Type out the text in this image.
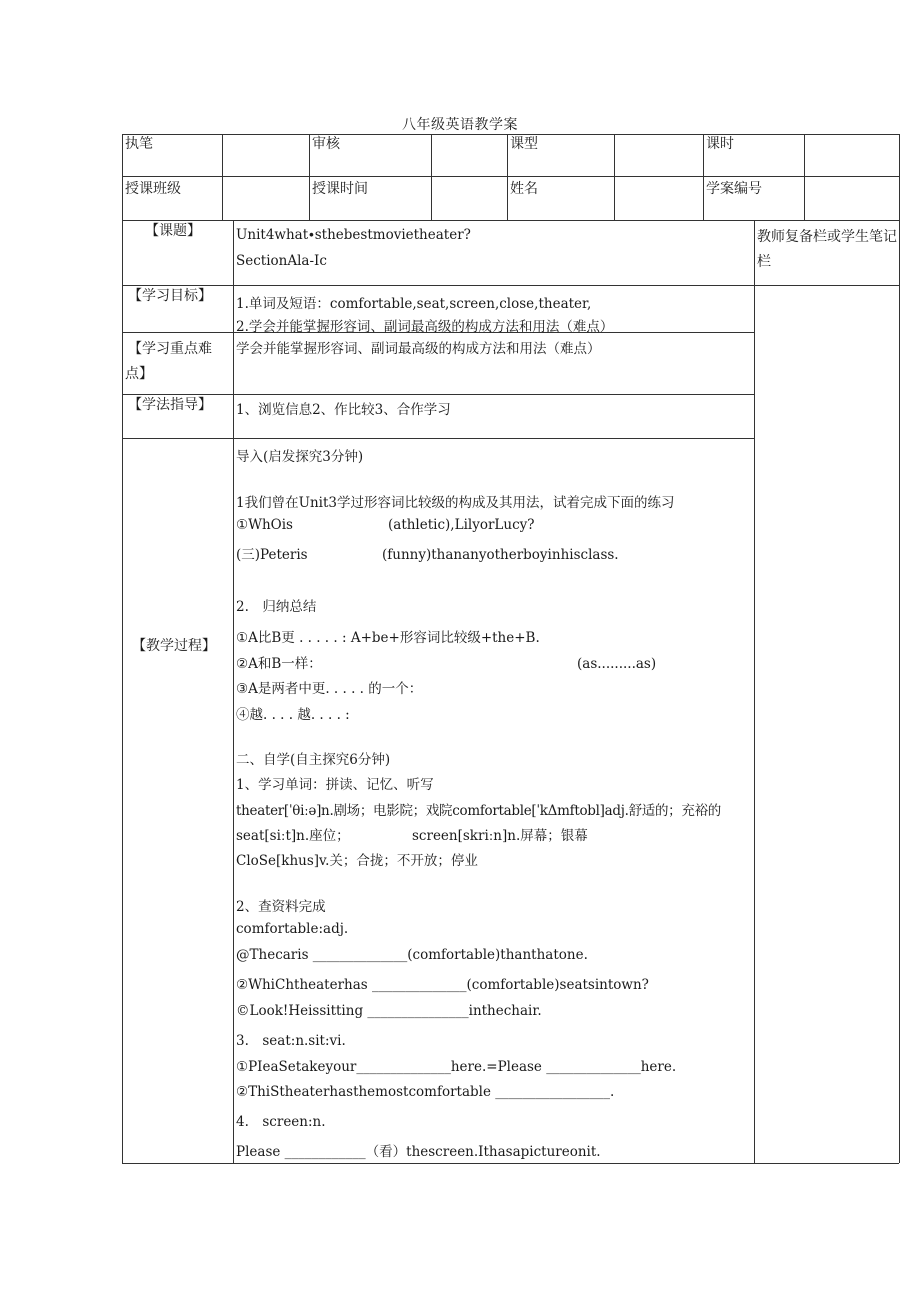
八年级英语教学案
执笔	审核	课型	课时
授课班级	授课时间	姓名	学案编号
【课题】	Unit4what∙sthebestmovietheater?
SectionAla-Ic
教师复备栏或学生笔记栏
【学习目标】 1.单词及短语：comfortable,seat,screen,close,theater,
2.学会并能掌握形容词、副词最高级的构成方法和用法（难点）
【学习重点难点】
学会并能掌握形容词、副词最高级的构成方法和用法（难点）
【学法指导】 1、浏览信息2、作比较3、合作学习
【教学过程】
导入(启发探究3分钟)
1我们曾在Unit3学过形容词比较级的构成及其用法，试着完成下面的练习
①WhOis	(athletic),LilyorLucy?
(三)Peteris	(funny)thananyotherboyinhisclass.
2.　归纳总结
①A比B更 . . . . . : A+be+形容词比较级+the+B.
②A和B一样：	(as.........as)
③A是两者中更. . . . . 的一个：
④越. . . . 越. . . . :
二、自学(自主探究6分钟)
1、学习单词：拼读、记忆、听写
theater[ˈθiːə]n.剧场；电影院；戏院comfortable[ˈkΔmftobl]adj.舒适的；充裕的
seat[siːt]n.座位；	screen[skriːn]n.屏幕；银幕
CloSe[khus]v.关；合拢；不开放；停业
2、查资料完成
comfortable:adj.
@Thecaris ______________(comfortable)thanthatone.
②WhiChtheaterhas ______________(comfortable)seatsintown?
©Look!Heissitting _______________inthechair.
3.　seat:n.sit:vi.
①PIeaSetakeyour______________here.=Please ______________here.
②ThiStheaterhasthemostcomfortable _________________.
4.　screen:n.
Please ____________（看）thescreen.Ithasapictureonit.
